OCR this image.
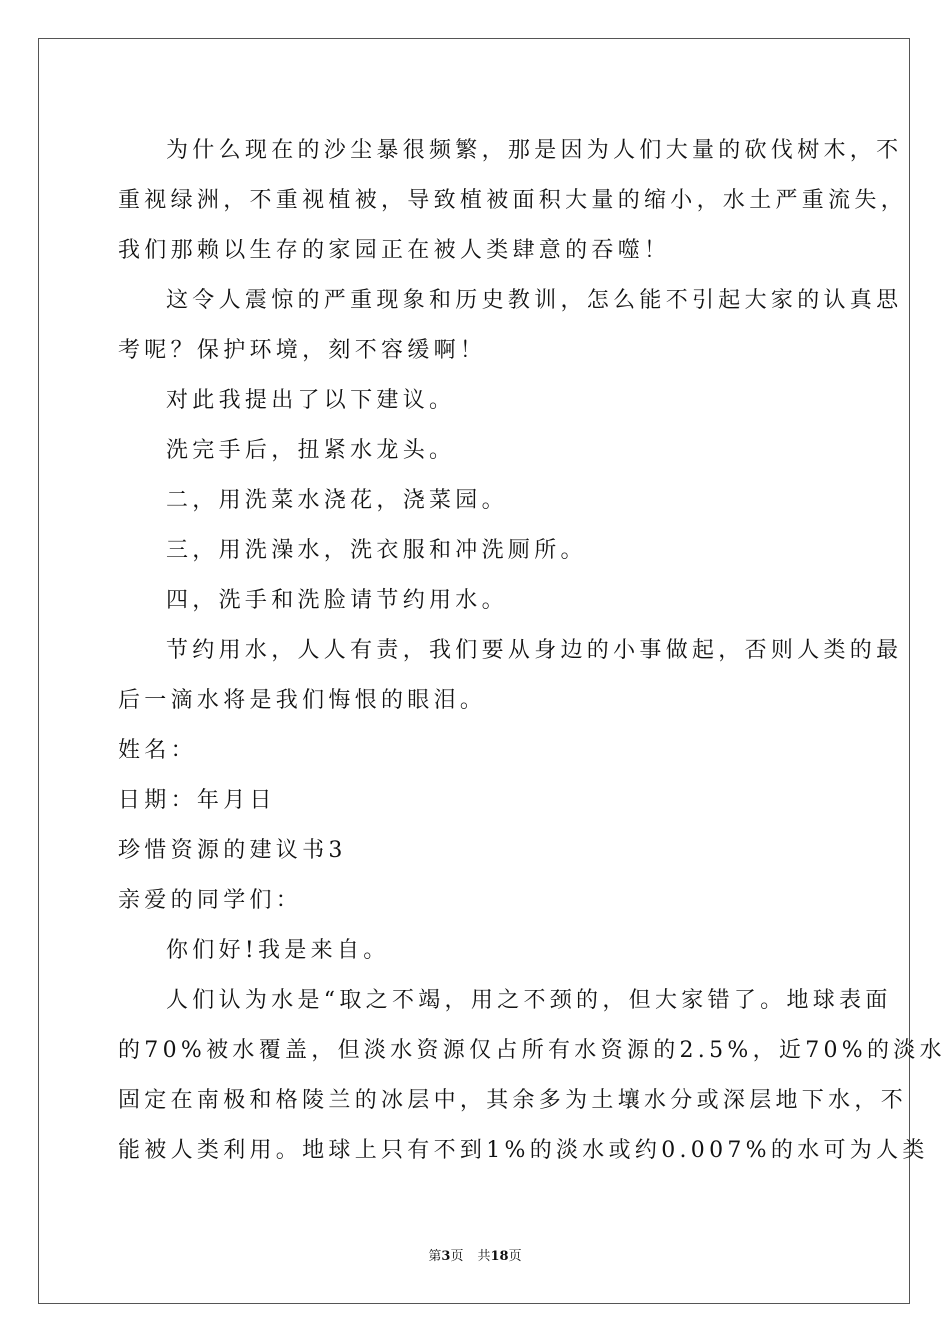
为什么现在的沙尘暴很频繁，那是因为人们大量的砍伐树木，不
重视绿洲，不重视植被，导致植被面积大量的缩小，水土严重流失，
我们那赖以生存的家园正在被人类肆意的吞噬！
这令人震惊的严重现象和历史教训，怎么能不引起大家的认真思
考呢？保护环境，刻不容缓啊！
对此我提出了以下建议。
洗完手后，扭紧水龙头。
二，用洗菜水浇花，浇菜园。
三，用洗澡水，洗衣服和冲洗厕所。
四，洗手和洗脸请节约用水。
节约用水，人人有责，我们要从身边的小事做起，否则人类的最
后一滴水将是我们悔恨的眼泪。
姓名：
日期：年月日
珍惜资源的建议书3
亲爱的同学们：
你们好!我是来自。
人们认为水是“取之不竭，用之不颈的，但大家错了。地球表面
的70%被水覆盖，但淡水资源仅占所有水资源的2.5%，近70%的淡水
固定在南极和格陵兰的冰层中，其余多为土壤水分或深层地下水，不
能被人类利用。地球上只有不到1%的淡水或约0.007%的水可为人类
第3页 共18页
